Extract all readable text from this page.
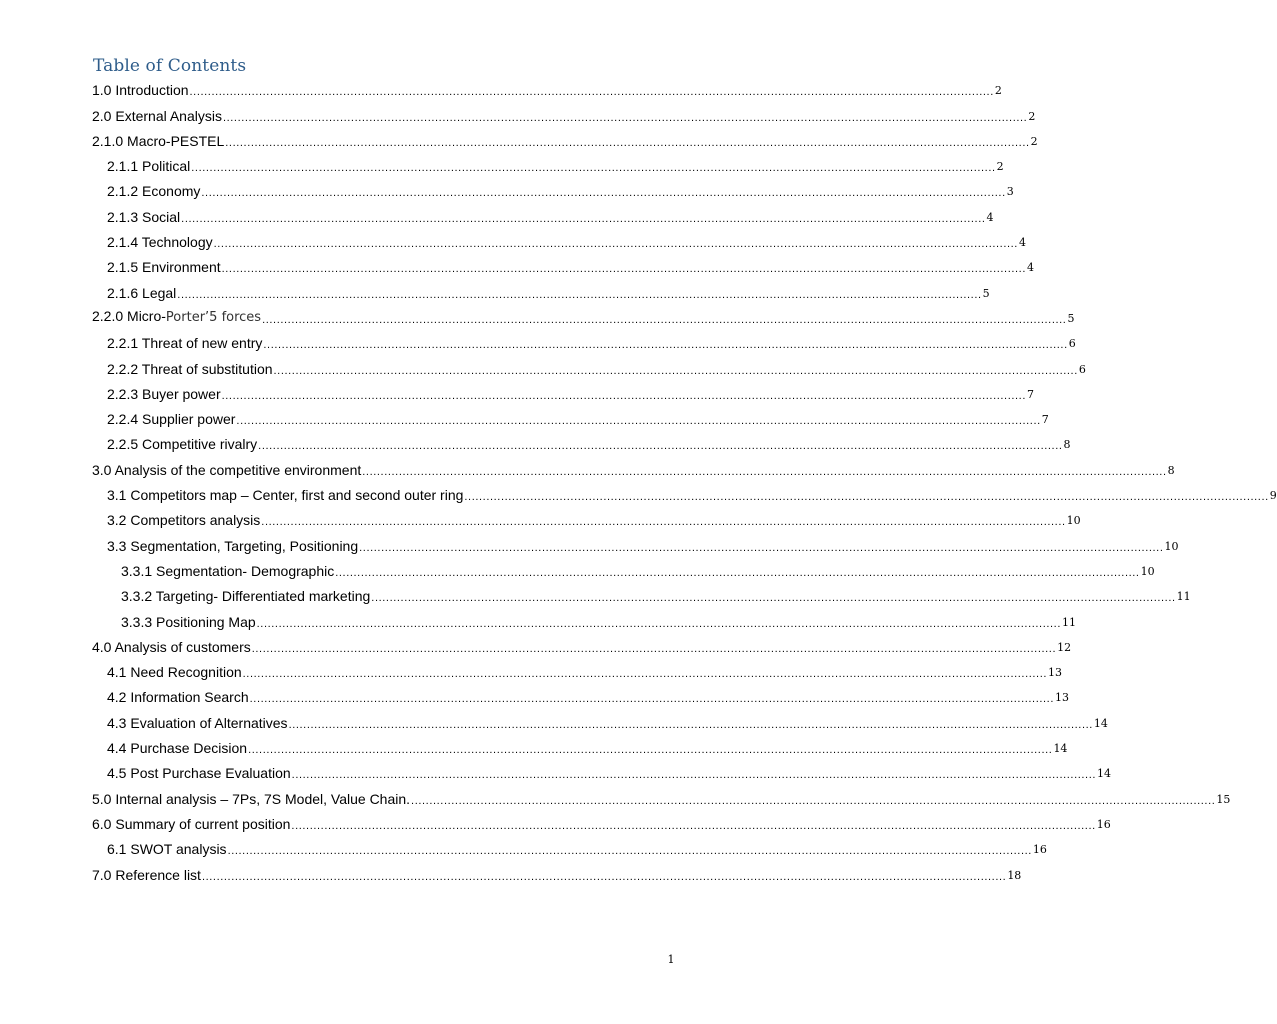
Table of Contents
1.0 Introduction ............................................................................................................................................................................................................................ 2
2.0 External Analysis ............................................................................................................................................................................................................................ 2
2.1.0 Macro-PESTEL ............................................................................................................................................................................................................................ 2
2.1.1 Political ............................................................................................................................................................................................................................ 2
2.1.2 Economy ............................................................................................................................................................................................................................ 3
2.1.3 Social ............................................................................................................................................................................................................................ 4
2.1.4 Technology ............................................................................................................................................................................................................................ 4
2.1.5 Environment ............................................................................................................................................................................................................................ 4
2.1.6 Legal ............................................................................................................................................................................................................................ 5
2.2.0 Micro-Porter’5 forces ............................................................................................................................................................................................................................ 5
2.2.1 Threat of new entry ............................................................................................................................................................................................................................ 6
2.2.2 Threat of substitution ............................................................................................................................................................................................................................ 6
2.2.3 Buyer power ............................................................................................................................................................................................................................ 7
2.2.4 Supplier power ............................................................................................................................................................................................................................ 7
2.2.5 Competitive rivalry ............................................................................................................................................................................................................................ 8
3.0 Analysis of the competitive environment ............................................................................................................................................................................................................................ 8
3.1 Competitors map – Center, first and second outer ring ............................................................................................................................................................................................................................ 9
3.2 Competitors analysis ............................................................................................................................................................................................................................ 10
3.3 Segmentation, Targeting, Positioning ............................................................................................................................................................................................................................ 10
3.3.1 Segmentation- Demographic ............................................................................................................................................................................................................................ 10
3.3.2 Targeting- Differentiated marketing ............................................................................................................................................................................................................................ 11
3.3.3 Positioning Map ............................................................................................................................................................................................................................ 11
4.0 Analysis of customers ............................................................................................................................................................................................................................ 12
4.1 Need Recognition ............................................................................................................................................................................................................................ 13
4.2 Information Search ............................................................................................................................................................................................................................ 13
4.3 Evaluation of Alternatives ............................................................................................................................................................................................................................ 14
4.4 Purchase Decision ............................................................................................................................................................................................................................ 14
4.5 Post Purchase Evaluation ............................................................................................................................................................................................................................ 14
5.0 Internal analysis – 7Ps, 7S Model, Value Chain. ............................................................................................................................................................................................................................ 15
6.0 Summary of current position ............................................................................................................................................................................................................................ 16
6.1 SWOT analysis ............................................................................................................................................................................................................................ 16
7.0 Reference list ............................................................................................................................................................................................................................ 18
1
